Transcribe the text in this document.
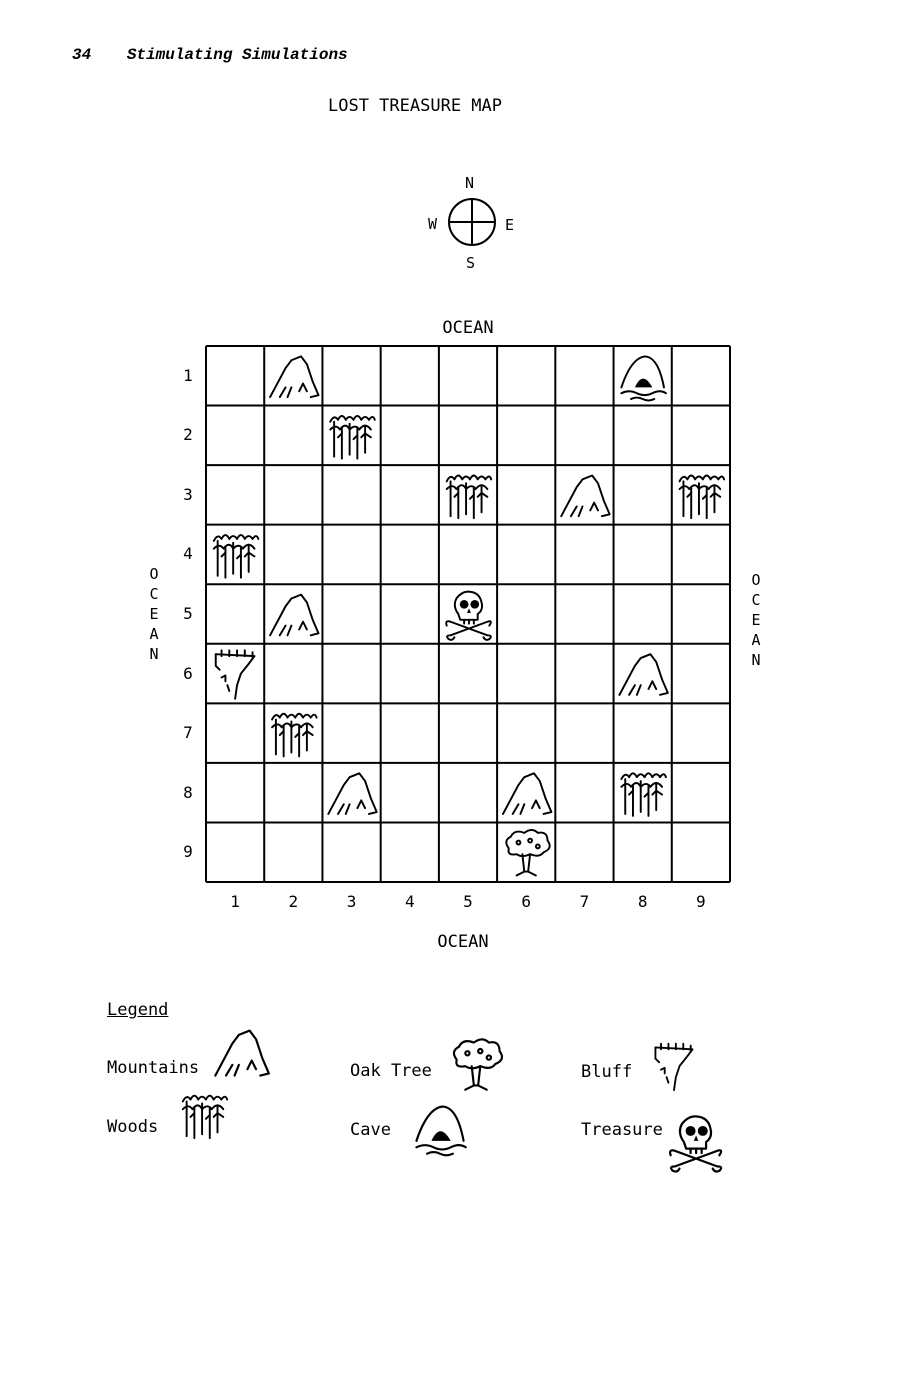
34 Stimulating Simulations
LOST TREASURE MAP
N
W	E
S
OCEAN
OCEAN
O
C
E
A
N
O
C
E
A
N
1
2
3
4
5
6
7
8
9
1	2	3	4	5	6	7	8	9
Legend
Mountains
Woods
Oak Tree
Cave
Bluff
Treasure
